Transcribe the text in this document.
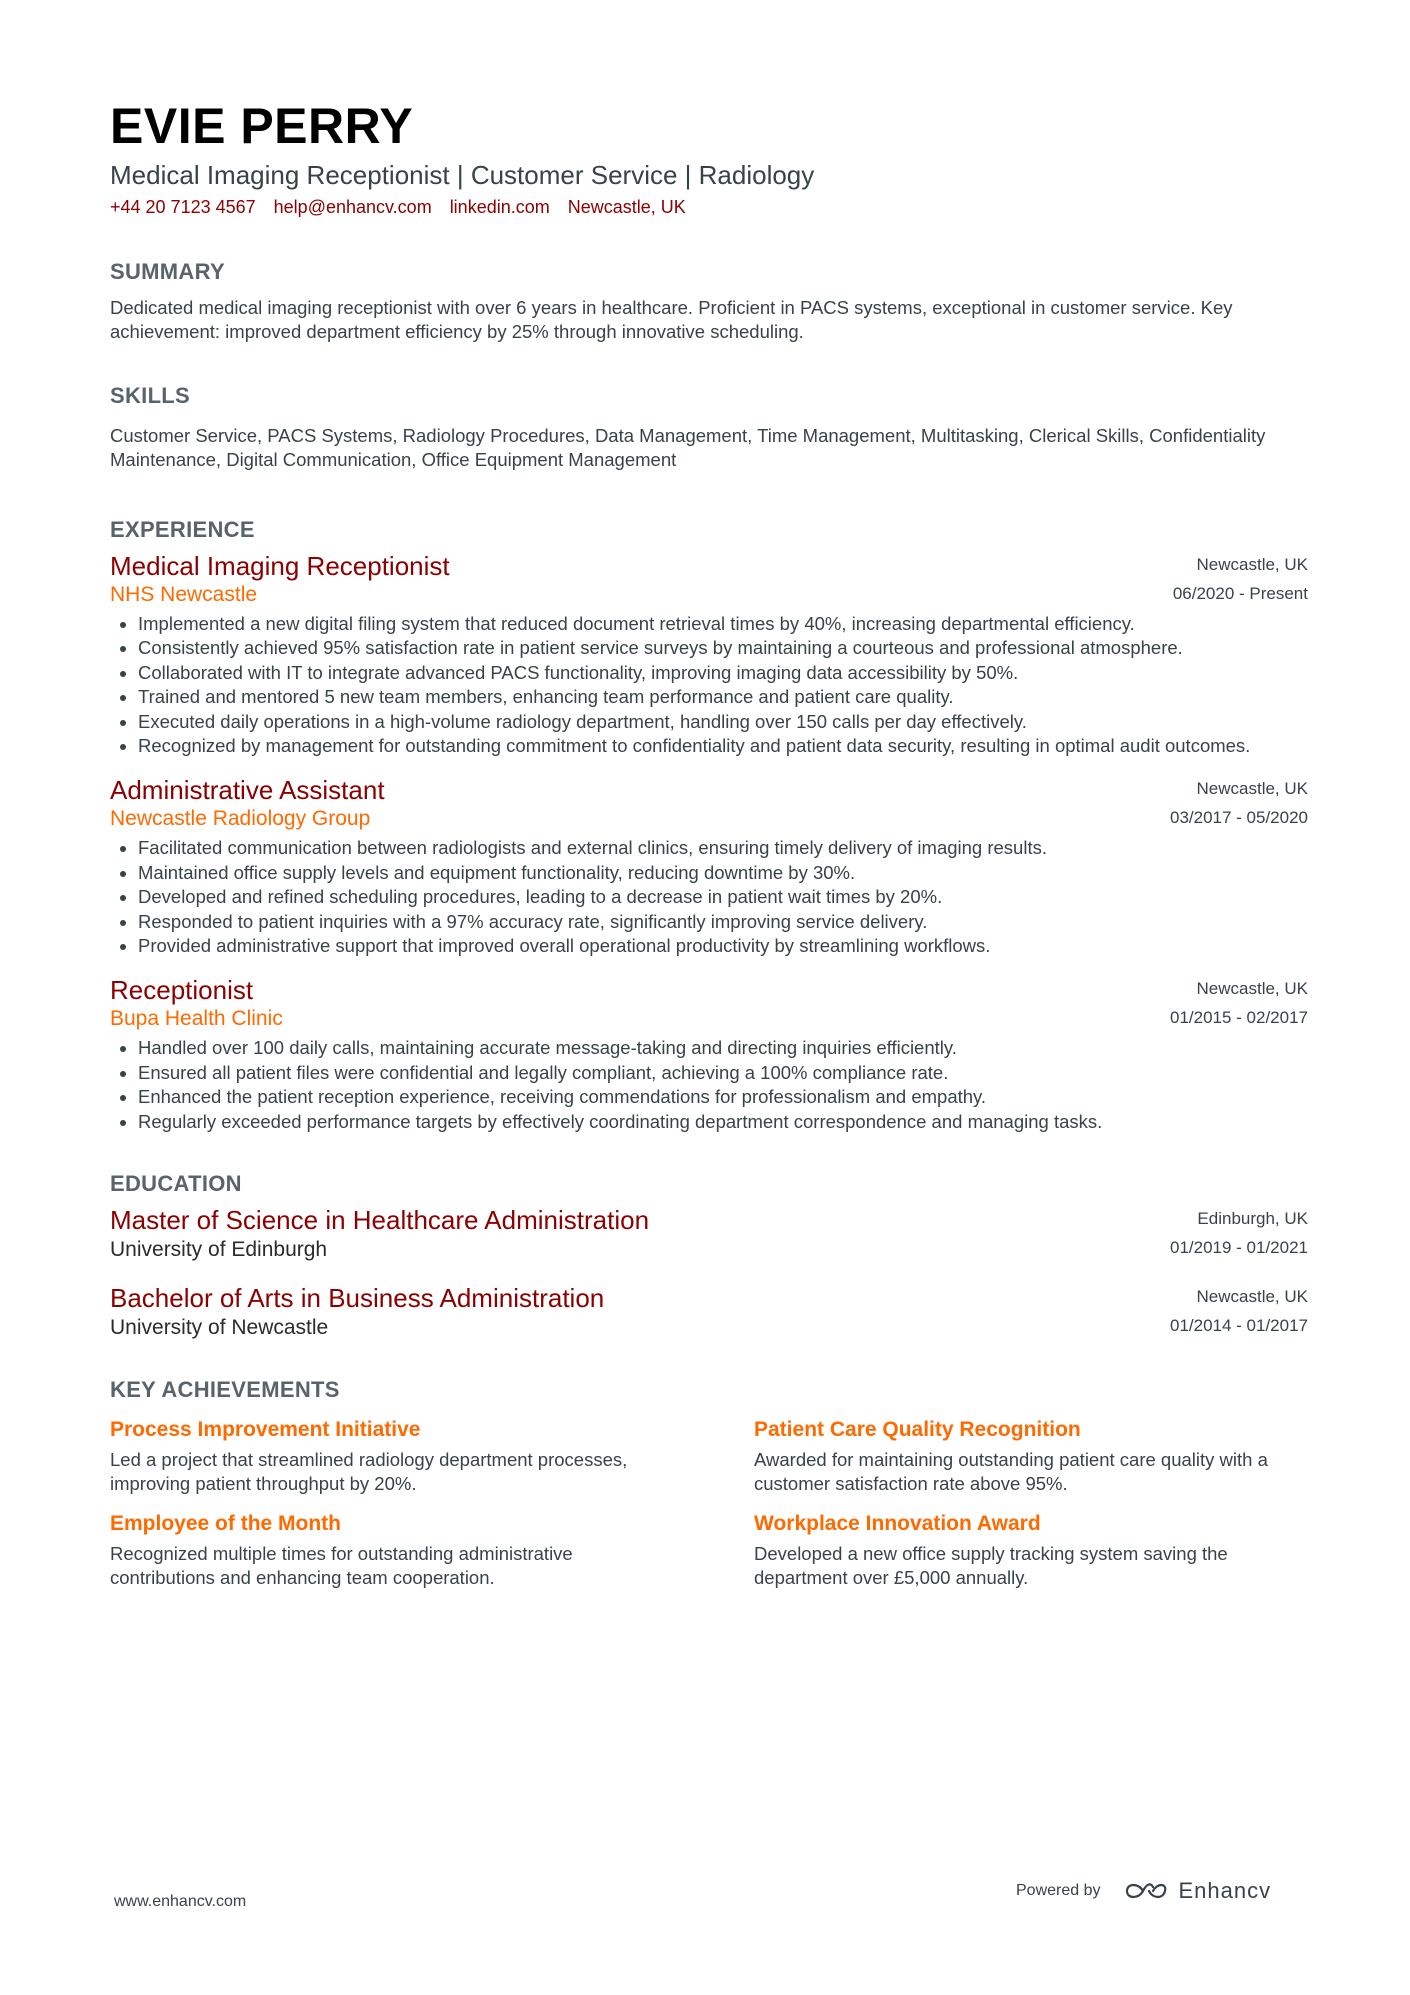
EVIE PERRY
Medical Imaging Receptionist | Customer Service | Radiology
+44 20 7123 4567 help@enhancv.com linkedin.com Newcastle, UK
SUMMARY
Dedicated medical imaging receptionist with over 6 years in healthcare. Proficient in PACS systems, exceptional in customer service. Key achievement: improved department efficiency by 25% through innovative scheduling.
SKILLS
Customer Service, PACS Systems, Radiology Procedures, Data Management, Time Management, Multitasking, Clerical Skills, Confidentiality Maintenance, Digital Communication, Office Equipment Management
EXPERIENCE
Medical Imaging Receptionist
NHS Newcastle
Newcastle, UK
06/2020 - Present
• Implemented a new digital filing system that reduced document retrieval times by 40%, increasing departmental efficiency.
• Consistently achieved 95% satisfaction rate in patient service surveys by maintaining a courteous and professional atmosphere.
• Collaborated with IT to integrate advanced PACS functionality, improving imaging data accessibility by 50%.
• Trained and mentored 5 new team members, enhancing team performance and patient care quality.
• Executed daily operations in a high-volume radiology department, handling over 150 calls per day effectively.
• Recognized by management for outstanding commitment to confidentiality and patient data security, resulting in optimal audit outcomes.
Administrative Assistant
Newcastle Radiology Group
Newcastle, UK
03/2017 - 05/2020
• Facilitated communication between radiologists and external clinics, ensuring timely delivery of imaging results.
• Maintained office supply levels and equipment functionality, reducing downtime by 30%.
• Developed and refined scheduling procedures, leading to a decrease in patient wait times by 20%.
• Responded to patient inquiries with a 97% accuracy rate, significantly improving service delivery.
• Provided administrative support that improved overall operational productivity by streamlining workflows.
Receptionist
Bupa Health Clinic
Newcastle, UK
01/2015 - 02/2017
• Handled over 100 daily calls, maintaining accurate message-taking and directing inquiries efficiently.
• Ensured all patient files were confidential and legally compliant, achieving a 100% compliance rate.
• Enhanced the patient reception experience, receiving commendations for professionalism and empathy.
• Regularly exceeded performance targets by effectively coordinating department correspondence and managing tasks.
EDUCATION
Master of Science in Healthcare Administration
University of Edinburgh
Edinburgh, UK
01/2019 - 01/2021
Bachelor of Arts in Business Administration
University of Newcastle
Newcastle, UK
01/2014 - 01/2017
KEY ACHIEVEMENTS
Process Improvement Initiative
Led a project that streamlined radiology department processes, improving patient throughput by 20%.
Patient Care Quality Recognition
Awarded for maintaining outstanding patient care quality with a customer satisfaction rate above 95%.
Employee of the Month
Recognized multiple times for outstanding administrative contributions and enhancing team cooperation.
Workplace Innovation Award
Developed a new office supply tracking system saving the department over £5,000 annually.
www.enhancv.com
Powered by	Enhancv
